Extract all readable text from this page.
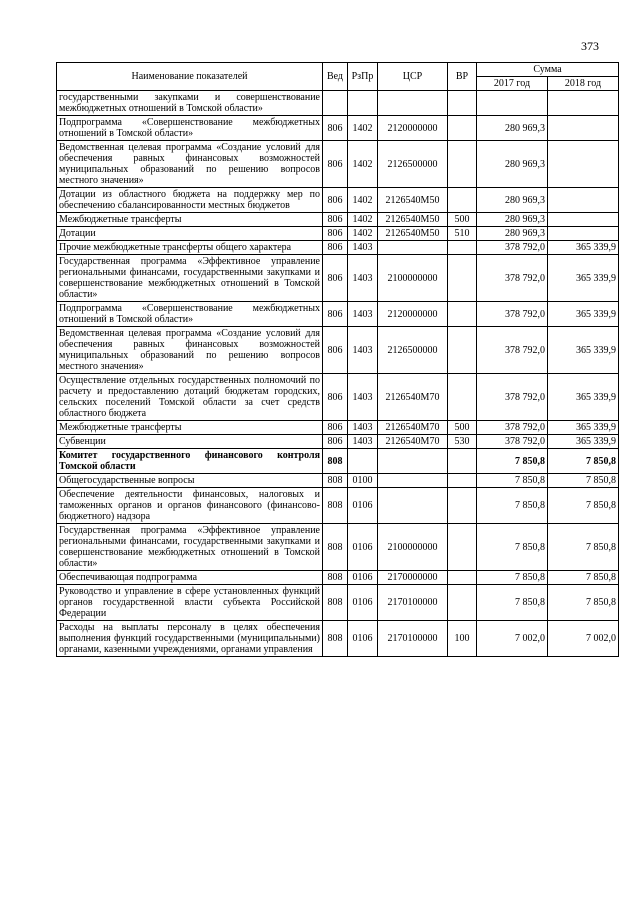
373
Наименование показателей	Вед	РзПр	ЦСР	ВР	Сумма	
					2017 год	2018 год
государственными закупками и совершенствование межбюджетных отношений в Томской области»						
Подпрограмма «Совершенствование межбюджетных отношений в Томской области»	806	1402	2120000000		280 969,3	
Ведомственная целевая программа «Создание условий для обеспечения равных финансовых возможностей муниципальных образований по решению вопросов местного значения»	806	1402	2126500000		280 969,3	
Дотации из областного бюджета на поддержку мер по обеспечению сбалансированности местных бюджетов	806	1402	2126540M50		280 969,3	
Межбюджетные трансферты	806	1402	2126540M50	500	280 969,3	
Дотации	806	1402	2126540M50	510	280 969,3	
Прочие межбюджетные трансферты общего характера	806	1403			378 792,0	365 339,9
Государственная программа «Эффективное управление региональными финансами, государственными закупками и совершенствование межбюджетных отношений в Томской области»	806	1403	2100000000		378 792,0	365 339,9
Подпрограмма «Совершенствование межбюджетных отношений в Томской области»	806	1403	2120000000		378 792,0	365 339,9
Ведомственная целевая программа «Создание условий для обеспечения равных финансовых возможностей муниципальных образований по решению вопросов местного значения»	806	1403	2126500000		378 792,0	365 339,9
Осуществление отдельных государственных полномочий по расчету и предоставлению дотаций бюджетам городских, сельских поселений Томской области за счет средств областного бюджета	806	1403	2126540M70		378 792,0	365 339,9
Межбюджетные трансферты	806	1403	2126540M70	500	378 792,0	365 339,9
Субвенции	806	1403	2126540M70	530	378 792,0	365 339,9
Комитет государственного финансового контроля Томской области	808				7 850,8	7 850,8
Общегосударственные вопросы	808	0100			7 850,8	7 850,8
Обеспечение деятельности финансовых, налоговых и таможенных органов и органов финансового (финансово-бюджетного) надзора	808	0106			7 850,8	7 850,8
Государственная программа «Эффективное управление региональными финансами, государственными закупками и совершенствование межбюджетных отношений в Томской области»	808	0106	2100000000		7 850,8	7 850,8
Обеспечивающая подпрограмма	808	0106	2170000000		7 850,8	7 850,8
Руководство и управление в сфере установленных функций органов государственной власти субъекта Российской Федерации	808	0106	2170100000		7 850,8	7 850,8
Расходы на выплаты персоналу в целях обеспечения выполнения функций государственными (муниципальными) органами, казенными учреждениями, органами управления	808	0106	2170100000	100	7 002,0	7 002,0
